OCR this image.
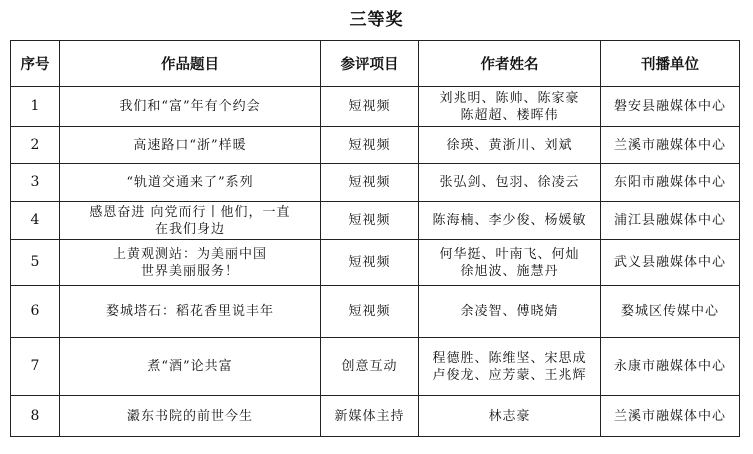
三等奖
序号	作品题目	参评项目	作者姓名	刊播单位
1	我们和“富”年有个约会	短视频	刘兆明、陈帅、陈家豪
陈超超、楼晖伟	磐安县融媒体中心
2	高速路口“浙”样暖	短视频	徐瑛、黄浙川、刘斌	兰溪市融媒体中心
3	“轨道交通来了”系列	短视频	张弘剑、包羽、徐凌云	东阳市融媒体中心
4	感恩奋进 向党而行丨他们，一直
在我们身边	短视频	陈海楠、李少俊、杨媛敏	浦江县融媒体中心
5	上黄观测站：为美丽中国
世界美丽服务！	短视频	何华挺、叶南飞、何灿
徐旭波、施慧丹	武义县融媒体中心
6	婺城塔石：稻花香里说丰年	短视频	余凌智、傅晓婧	婺城区传媒中心
7	煮“酒”论共富	创意互动	程德胜、陈维坚、宋思成
卢俊龙、应芳蒙、王兆辉	永康市融媒体中心
8	瀫东书院的前世今生	新媒体主持	林志豪	兰溪市融媒体中心
